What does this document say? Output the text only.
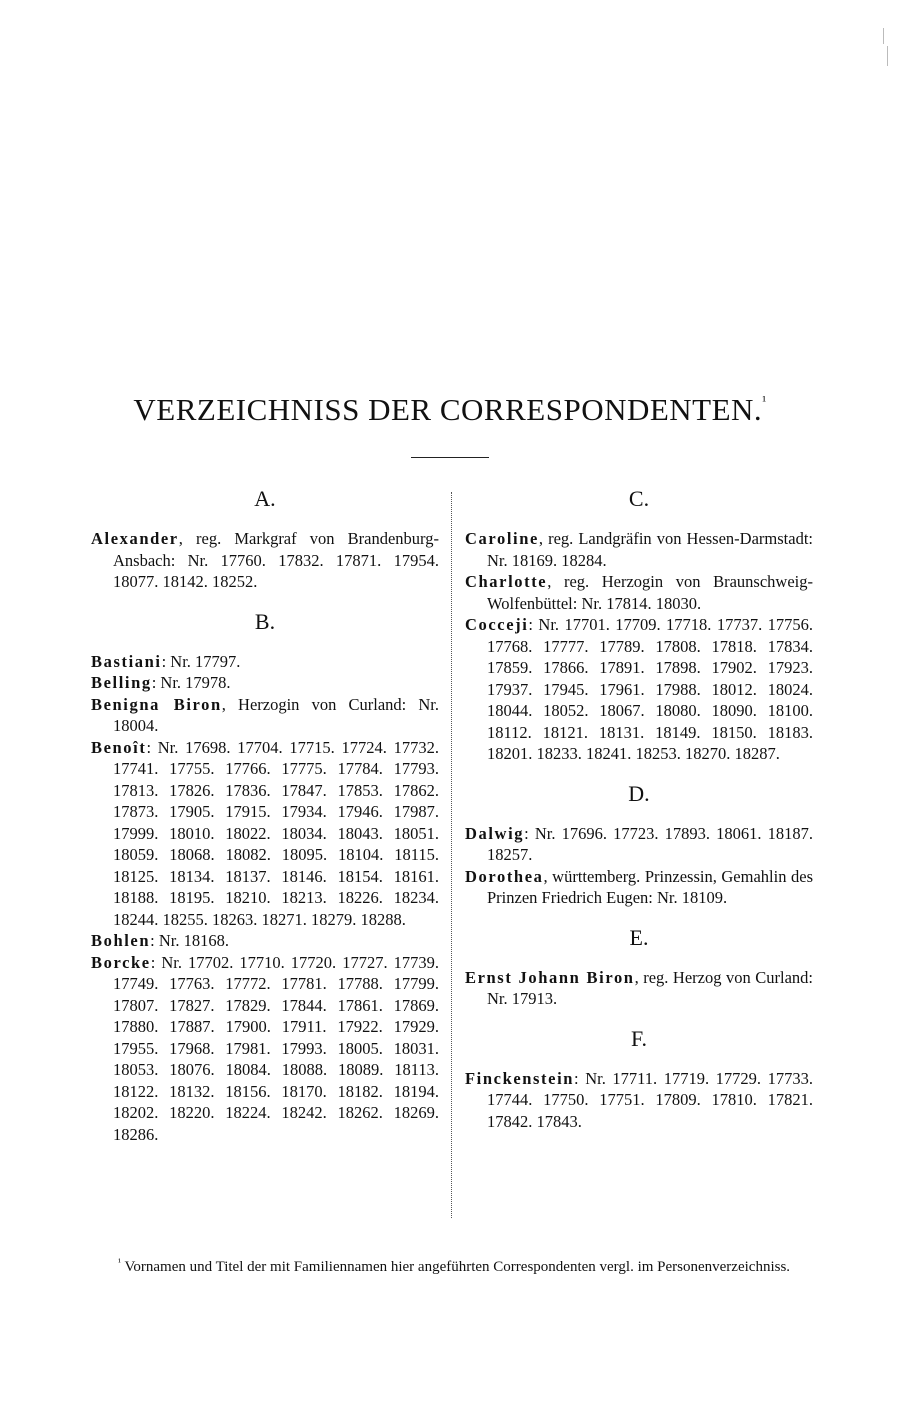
VERZEICHNISS DER CORRESPONDENTEN.$^{^1}$
A.

Alexander, reg. Markgraf von Brandenburg-Ansbach: Nr. 17760. 17832. 17871. 17954. 18077. 18142. 18252.

B.

Bastiani: Nr. 17797.

Belling: Nr. 17978.

Benigna Biron, Herzogin von Curland: Nr. 18004.

Benoît: Nr. 17698. 17704. 17715. 17724. 17732. 17741. 17755. 17766. 17775. 17784. 17793. 17813. 17826. 17836. 17847. 17853. 17862. 17873. 17905. 17915. 17934. 17946. 17987. 17999. 18010. 18022. 18034. 18043. 18051. 18059. 18068. 18082. 18095. 18104. 18115. 18125. 18134. 18137. 18146. 18154. 18161. 18188. 18195. 18210. 18213. 18226. 18234. 18244. 18255. 18263. 18271. 18279. 18288.

Bohlen: Nr. 18168.

Borcke: Nr. 17702. 17710. 17720. 17727. 17739. 17749. 17763. 17772. 17781. 17788. 17799. 17807. 17827. 17829. 17844. 17861. 17869. 17880. 17887. 17900. 17911. 17922. 17929. 17955. 17968. 17981. 17993. 18005. 18031. 18053. 18076. 18084. 18088. 18089. 18113. 18122. 18132. 18156. 18170. 18182. 18194. 18202. 18220. 18224. 18242. 18262. 18269. 18286.

C.

Caroline, reg. Landgräfin von Hessen-Darmstadt: Nr. 18169. 18284.

Charlotte, reg. Herzogin von Braunschweig-Wolfenbüttel: Nr. 17814. 18030.

Cocceji: Nr. 17701. 17709. 17718. 17737. 17756. 17768. 17777. 17789. 17808. 17818. 17834. 17859. 17866. 17891. 17898. 17902. 17923. 17937. 17945. 17961. 17988. 18012. 18024. 18044. 18052. 18067. 18080. 18090. 18100. 18112. 18121. 18131. 18149. 18150. 18183. 18201. 18233. 18241. 18253. 18270. 18287.

D.

Dalwig: Nr. 17696. 17723. 17893. 18061. 18187. 18257.

Dorothea, württemberg. Prinzessin, Gemahlin des Prinzen Friedrich Eugen: Nr. 18109.

E.

Ernst Johann Biron, reg. Herzog von Curland: Nr. 17913.

F.

Finckenstein: Nr. 17711. 17719. 17729. 17733. 17744. 17750. 17751. 17809. 17810. 17821. 17842. 17843.

$^{^1}$ Vornamen und Titel der mit Familiennamen hier angeführten Correspondenten vergl. im Personenverzeichniss.
